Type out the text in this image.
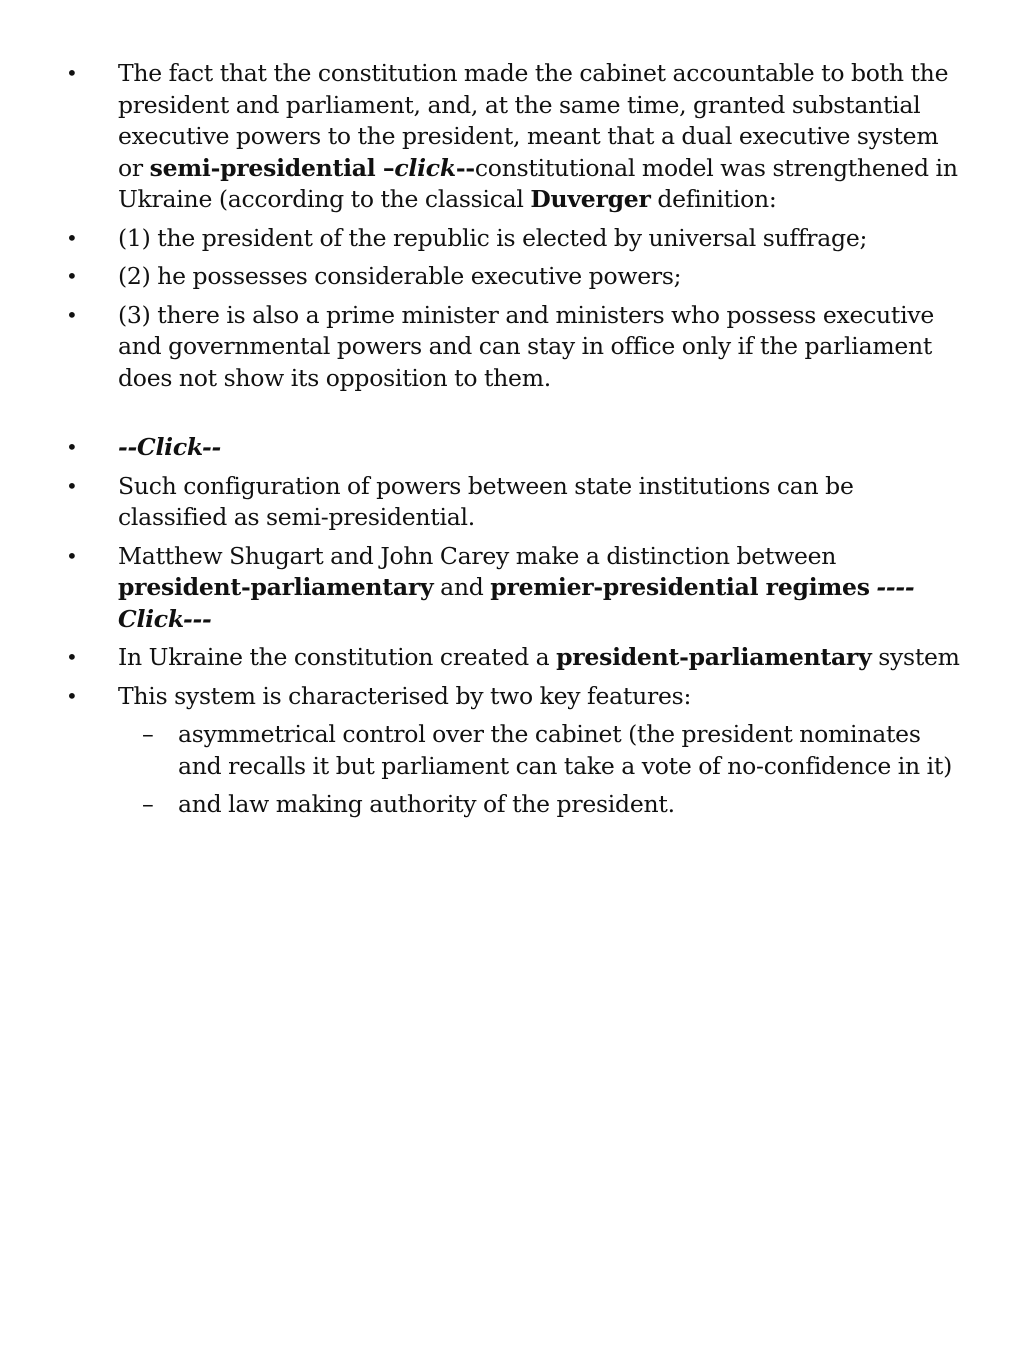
• The fact that the constitution made the cabinet accountable to both the president and parliament, and, at the same time, granted substantial executive powers to the president, meant that a dual executive system or semi-presidential –click--constitutional model was strengthened in Ukraine (according to the classical Duverger definition:
• (1) the president of the republic is elected by universal suffrage;
• (2) he possesses considerable executive powers;
• (3) there is also a prime minister and ministers who possess executive and governmental powers and can stay in office only if the parliament does not show its opposition to them.
• --Click--
• Such configuration of powers between state institutions can be classified as semi-presidential.
• Matthew Shugart and John Carey make a distinction between president-parliamentary and premier-presidential regimes ----Click---
• In Ukraine the constitution created a president-parliamentary system
• This system is characterised by two key features:
– asymmetrical control over the cabinet (the president nominates and recalls it but parliament can take a vote of no-confidence in it)
– and law making authority of the president.
